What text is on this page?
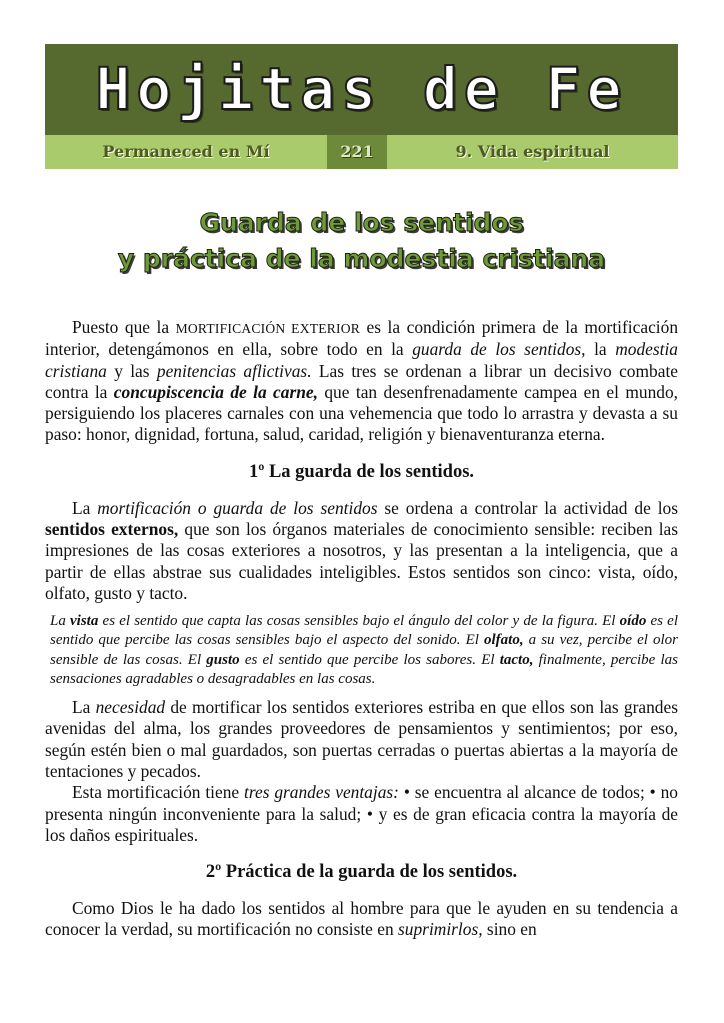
Hojitas de Fe
Permaneced en Mí	221	9. Vida espiritual
Guarda de los sentidos
y práctica de la modestia cristiana

Puesto que la MORTIFICACIÓN EXTERIOR es la condición primera de la mortificación interior, detengámonos en ella, sobre todo en la guarda de los sentidos, la modestia cristiana y las penitencias aflictivas. Las tres se ordenan a librar un decisivo combate contra la concupiscencia de la carne, que tan desenfrenadamente campea en el mundo, persiguiendo los placeres carnales con una vehemencia que todo lo arrastra y devasta a su paso: honor, dignidad, fortuna, salud, caridad, religión y bienaventuranza eterna.

1º La guarda de los sentidos.

La mortificación o guarda de los sentidos se ordena a controlar la actividad de los sentidos externos, que son los órganos materiales de conocimiento sensible: reciben las impresiones de las cosas exteriores a nosotros, y las presentan a la inteligencia, que a partir de ellas abstrae sus cualidades inteligibles. Estos sentidos son cinco: vista, oído, olfato, gusto y tacto.

La vista es el sentido que capta las cosas sensibles bajo el ángulo del color y de la figura. El oído es el sentido que percibe las cosas sensibles bajo el aspecto del sonido. El olfato, a su vez, percibe el olor sensible de las cosas. El gusto es el sentido que percibe los sabores. El tacto, finalmente, percibe las sensaciones agradables o desagradables en las cosas.

La necesidad de mortificar los sentidos exteriores estriba en que ellos son las grandes avenidas del alma, los grandes proveedores de pensamientos y sentimientos; por eso, según estén bien o mal guardados, son puertas cerradas o puertas abiertas a la mayoría de tentaciones y pecados.

Esta mortificación tiene tres grandes ventajas: • se encuentra al alcance de todos; • no presenta ningún inconveniente para la salud; • y es de gran eficacia contra la mayoría de los daños espirituales.

2º Práctica de la guarda de los sentidos.

Como Dios le ha dado los sentidos al hombre para que le ayuden en su tendencia a conocer la verdad, su mortificación no consiste en suprimirlos, sino en
